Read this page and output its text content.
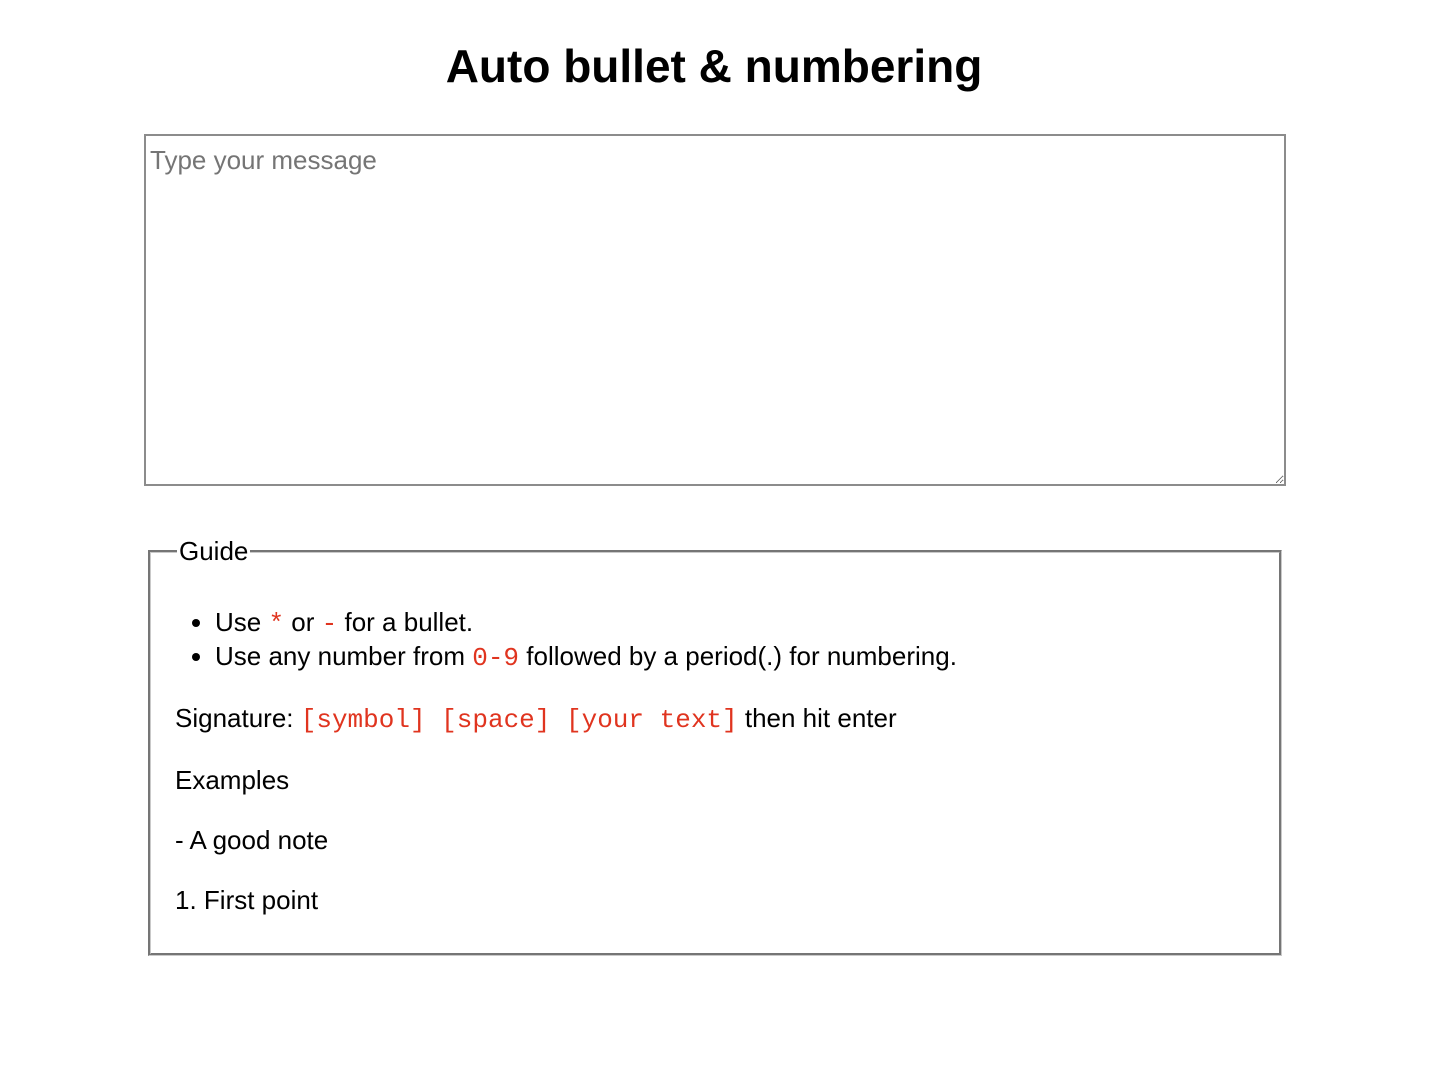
Auto bullet & numbering
Type your message
Guide
• Use * or - for a bullet.
• Use any number from 0-9 followed by a period(.) for numbering.

Signature: [symbol] [space] [your text] then hit enter

Examples

- A good note

1. First point
